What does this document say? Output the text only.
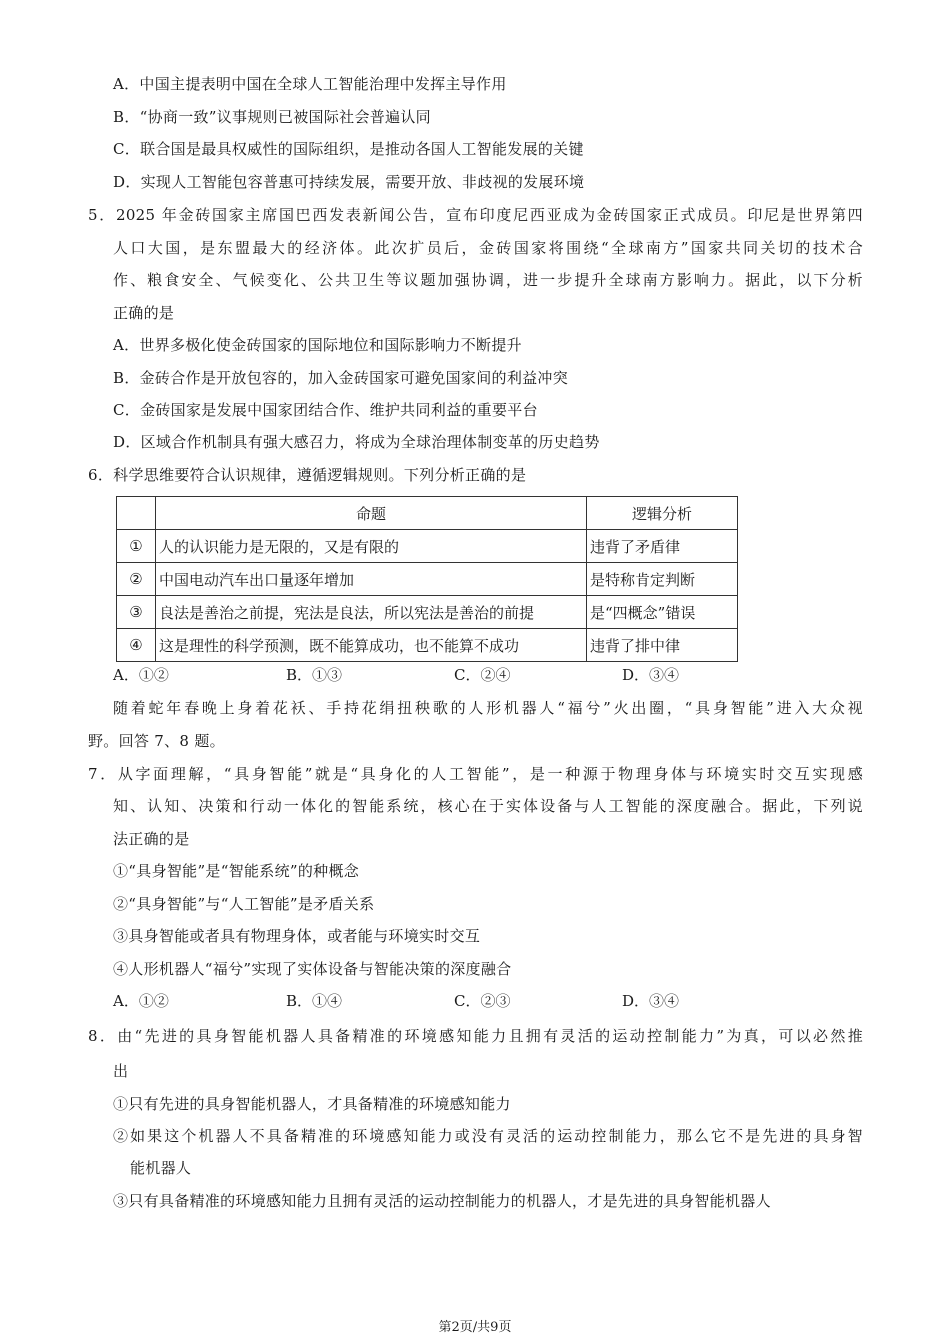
A．中国主提表明中国在全球人工智能治理中发挥主导作用
B．“协商一致”议事规则已被国际社会普遍认同
C．联合国是最具权威性的国际组织，是推动各国人工智能发展的关键
D．实现人工智能包容普惠可持续发展，需要开放、非歧视的发展环境
5．2025 年金砖国家主席国巴西发表新闻公告，宣布印度尼西亚成为金砖国家正式成员。印尼是世界第四
人口大国，是东盟最大的经济体。此次扩员后，金砖国家将围绕“全球南方”国家共同关切的技术合
作、粮食安全、气候变化、公共卫生等议题加强协调，进一步提升全球南方影响力。据此，以下分析
正确的是
A．世界多极化使金砖国家的国际地位和国际影响力不断提升
B．金砖合作是开放包容的，加入金砖国家可避免国家间的利益冲突
C．金砖国家是发展中国家团结合作、维护共同利益的重要平台
D．区域合作机制具有强大感召力，将成为全球治理体制变革的历史趋势
6．科学思维要符合认识规律，遵循逻辑规则。下列分析正确的是
	命题	逻辑分析
①	人的认识能力是无限的，又是有限的	违背了矛盾律
②	中国电动汽车出口量逐年增加	是特称肯定判断
③	良法是善治之前提，宪法是良法，所以宪法是善治的前提	是“四概念”错误
④	这是理性的科学预测，既不能算成功，也不能算不成功	违背了排中律
A．①②	B．①③	C．②④	D．③④
随着蛇年春晚上身着花袄、手持花绢扭秧歌的人形机器人“福兮”火出圈，“具身智能”进入大众视
野。回答 7、8 题。
7．从字面理解，“具身智能”就是“具身化的人工智能”，是一种源于物理身体与环境实时交互实现感
知、认知、决策和行动一体化的智能系统，核心在于实体设备与人工智能的深度融合。据此，下列说
法正确的是
①“具身智能”是“智能系统”的种概念
②“具身智能”与“人工智能”是矛盾关系
③具身智能或者具有物理身体，或者能与环境实时交互
④人形机器人“福兮”实现了实体设备与智能决策的深度融合
A．①②	B．①④	C．②③	D．③④
8．由“先进的具身智能机器人具备精准的环境感知能力且拥有灵活的运动控制能力”为真，可以必然推
出
①只有先进的具身智能机器人，才具备精准的环境感知能力
②如果这个机器人不具备精准的环境感知能力或没有灵活的运动控制能力，那么它不是先进的具身智
能机器人
③只有具备精准的环境感知能力且拥有灵活的运动控制能力的机器人，才是先进的具身智能机器人
第2页/共9页
